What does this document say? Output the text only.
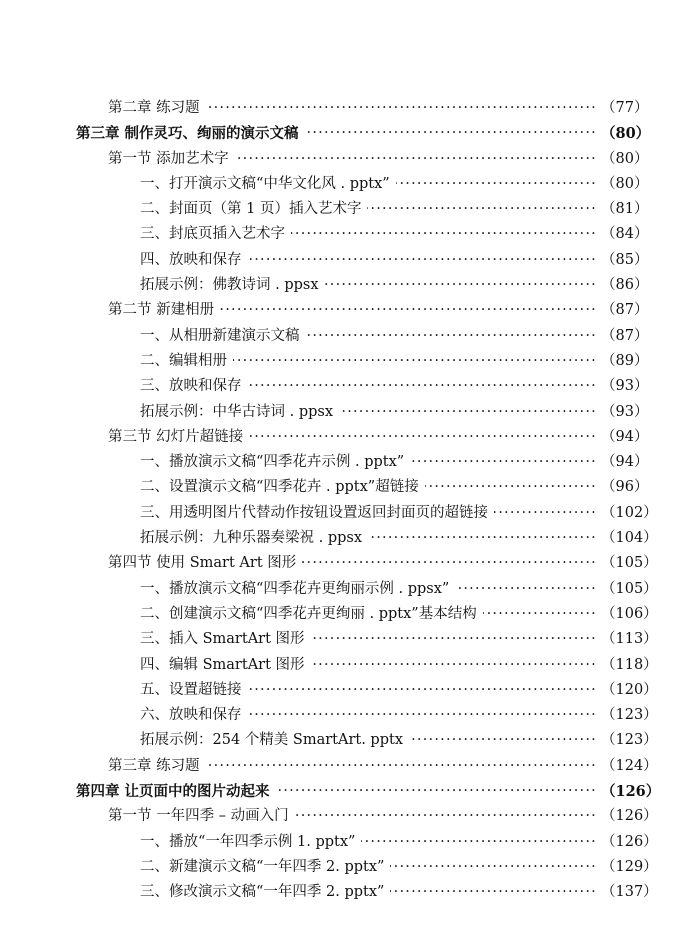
第二章 练习题 ·····	（77）
第三章 制作灵巧、绚丽的演示文稿 ·····	（80）
第一节 添加艺术字 ·····	（80）
一、打开演示文稿“中华文化风 . pptx” ·····	（80）
二、封面页（第 1 页）插入艺术字 ·····	（81）
三、封底页插入艺术字 ·····	（84）
四、放映和保存 ·····	（85）
拓展示例：佛教诗词 . ppsx ·····	（86）
第二节 新建相册 ·····	（87）
一、从相册新建演示文稿 ·····	（87）
二、编辑相册 ·····	（89）
三、放映和保存 ·····	（93）
拓展示例：中华古诗词 . ppsx ·····	（93）
第三节 幻灯片超链接 ·····	（94）
一、播放演示文稿“四季花卉示例 . pptx” ·····	（94）
二、设置演示文稿“四季花卉 . pptx”超链接 ·····	（96）
三、用透明图片代替动作按钮设置返回封面页的超链接 ·····	（102）
拓展示例：九种乐器奏梁祝 . ppsx ·····	（104）
第四节 使用 Smart Art 图形 ·····	（105）
一、播放演示文稿“四季花卉更绚丽示例 . ppsx” ·····	（105）
二、创建演示文稿“四季花卉更绚丽 . pptx”基本结构 ·····	（106）
三、插入 SmartArt 图形 ·····	（113）
四、编辑 SmartArt 图形 ·····	（118）
五、设置超链接 ·····	（120）
六、放映和保存 ·····	（123）
拓展示例：254 个精美 SmartArt. pptx ·····	（123）
第三章 练习题 ·····	（124）
第四章 让页面中的图片动起来 ·····	（126）
第一节 一年四季 – 动画入门 ·····	（126）
一、播放“一年四季示例 1. pptx” ·····	（126）
二、新建演示文稿“一年四季 2. pptx” ·····	（129）
三、修改演示文稿“一年四季 2. pptx” ·····	（137）
